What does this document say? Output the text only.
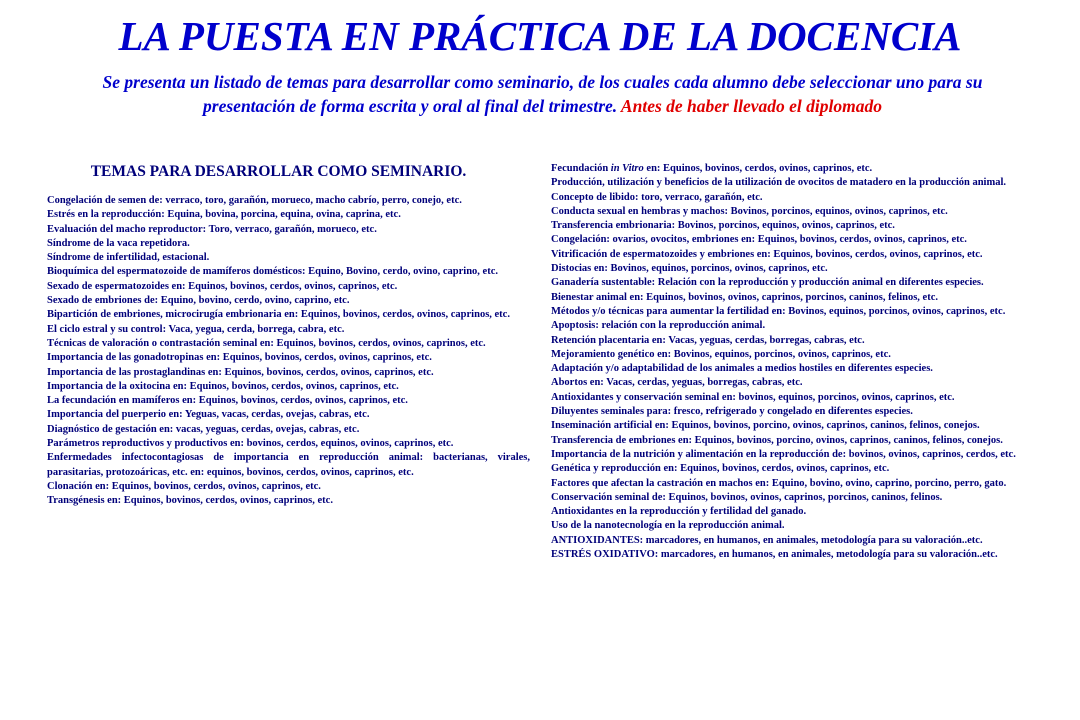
LA PUESTA EN PRÁCTICA DE LA DOCENCIA

Se presenta un listado de temas para desarrollar como seminario, de los cuales cada alumno debe seleccionar uno para su presentación de forma escrita y oral al final del trimestre. Antes de haber llevado el diplomado

TEMAS PARA DESARROLLAR COMO SEMINARIO.
Congelación de semen de: verraco, toro, garañón, morueco, macho cabrío, perro, conejo, etc.
Estrés en la reproducción: Equina, bovina, porcina, equina, ovina, caprina, etc.
Evaluación del macho reproductor: Toro, verraco, garañón, morueco, etc.
Síndrome de la vaca repetidora.
Síndrome de infertilidad, estacional.
Bioquímica del espermatozoide de mamíferos domésticos: Equino, Bovino, cerdo, ovino, caprino, etc.
Sexado de espermatozoides en: Equinos, bovinos, cerdos, ovinos, caprinos, etc.
Sexado de embriones de: Equino, bovino, cerdo, ovino, caprino, etc.
Bipartición de embriones, microcirugía embrionaria en: Equinos, bovinos, cerdos, ovinos, caprinos, etc.
El ciclo estral y su control: Vaca, yegua, cerda, borrega, cabra, etc.
Técnicas de valoración o contrastación seminal en: Equinos, bovinos, cerdos, ovinos, caprinos, etc.
Importancia de las gonadotropinas en: Equinos, bovinos, cerdos, ovinos, caprinos, etc.
Importancia de las prostaglandinas en: Equinos, bovinos, cerdos, ovinos, caprinos, etc.
Importancia de la oxitocina en: Equinos, bovinos, cerdos, ovinos, caprinos, etc.
La fecundación en mamíferos en: Equinos, bovinos, cerdos, ovinos, caprinos, etc.
Importancia del puerperio en: Yeguas, vacas, cerdas, ovejas, cabras, etc.
Diagnóstico de gestación en: vacas, yeguas, cerdas, ovejas, cabras, etc.
Parámetros reproductivos y productivos en: bovinos, cerdos, equinos, ovinos, caprinos, etc.
Enfermedades infectocontagiosas de importancia en reproducción animal: bacterianas, virales, parasitarias, protozoáricas, etc. en: equinos, bovinos, cerdos, ovinos, caprinos, etc.
Clonación en: Equinos, bovinos, cerdos, ovinos, caprinos, etc.
Transgénesis en: Equinos, bovinos, cerdos, ovinos, caprinos, etc.
Fecundación in Vitro en: Equinos, bovinos, cerdos, ovinos, caprinos, etc.
Producción, utilización y beneficios de la utilización de ovocitos de matadero en la producción animal.
Concepto de libido: toro, verraco, garañón, etc.
Conducta sexual en hembras y machos: Bovinos, porcinos, equinos, ovinos, caprinos, etc.
Transferencia embrionaria: Bovinos, porcinos, equinos, ovinos, caprinos, etc.
Congelación: ovarios, ovocitos, embriones en: Equinos, bovinos, cerdos, ovinos, caprinos, etc.
Vitrificación de espermatozoides y embriones en: Equinos, bovinos, cerdos, ovinos, caprinos, etc.
Distocias en: Bovinos, equinos, porcinos, ovinos, caprinos, etc.
Ganadería sustentable: Relación con la reproducción y producción animal en diferentes especies.
Bienestar animal en: Equinos, bovinos, ovinos, caprinos, porcinos, caninos, felinos, etc.
Métodos y/o técnicas para aumentar la fertilidad en: Bovinos, equinos, porcinos, ovinos, caprinos, etc.
Apoptosis: relación con la reproducción animal.
Retención placentaria en: Vacas, yeguas, cerdas, borregas, cabras, etc.
Mejoramiento genético en: Bovinos, equinos, porcinos, ovinos, caprinos, etc.
Adaptación y/o adaptabilidad de los animales a medios hostiles en diferentes especies.
Abortos en: Vacas, cerdas, yeguas, borregas, cabras, etc.
Antioxidantes y conservación seminal en: bovinos, equinos, porcinos, ovinos, caprinos, etc.
Diluyentes seminales para: fresco, refrigerado y congelado en diferentes especies.
Inseminación artificial en: Equinos, bovinos, porcino, ovinos, caprinos, caninos, felinos, conejos.
Transferencia de embriones en: Equinos, bovinos, porcino, ovinos, caprinos, caninos, felinos, conejos.
Importancia de la nutrición y alimentación en la reproducción de: bovinos, ovinos, caprinos, cerdos, etc.
Genética y reproducción en: Equinos, bovinos, cerdos, ovinos, caprinos, etc.
Factores que afectan la castración en machos en: Equino, bovino, ovino, caprino, porcino, perro, gato.
Conservación seminal de: Equinos, bovinos, ovinos, caprinos, porcinos, caninos, felinos.
Antioxidantes en la reproducción y fertilidad del ganado.
Uso de la nanotecnología en la reproducción animal.
ANTIOXIDANTES: marcadores, en humanos, en animales, metodología para su valoración..etc.
ESTRÉS OXIDATIVO: marcadores, en humanos, en animales, metodología para su valoración..etc.
